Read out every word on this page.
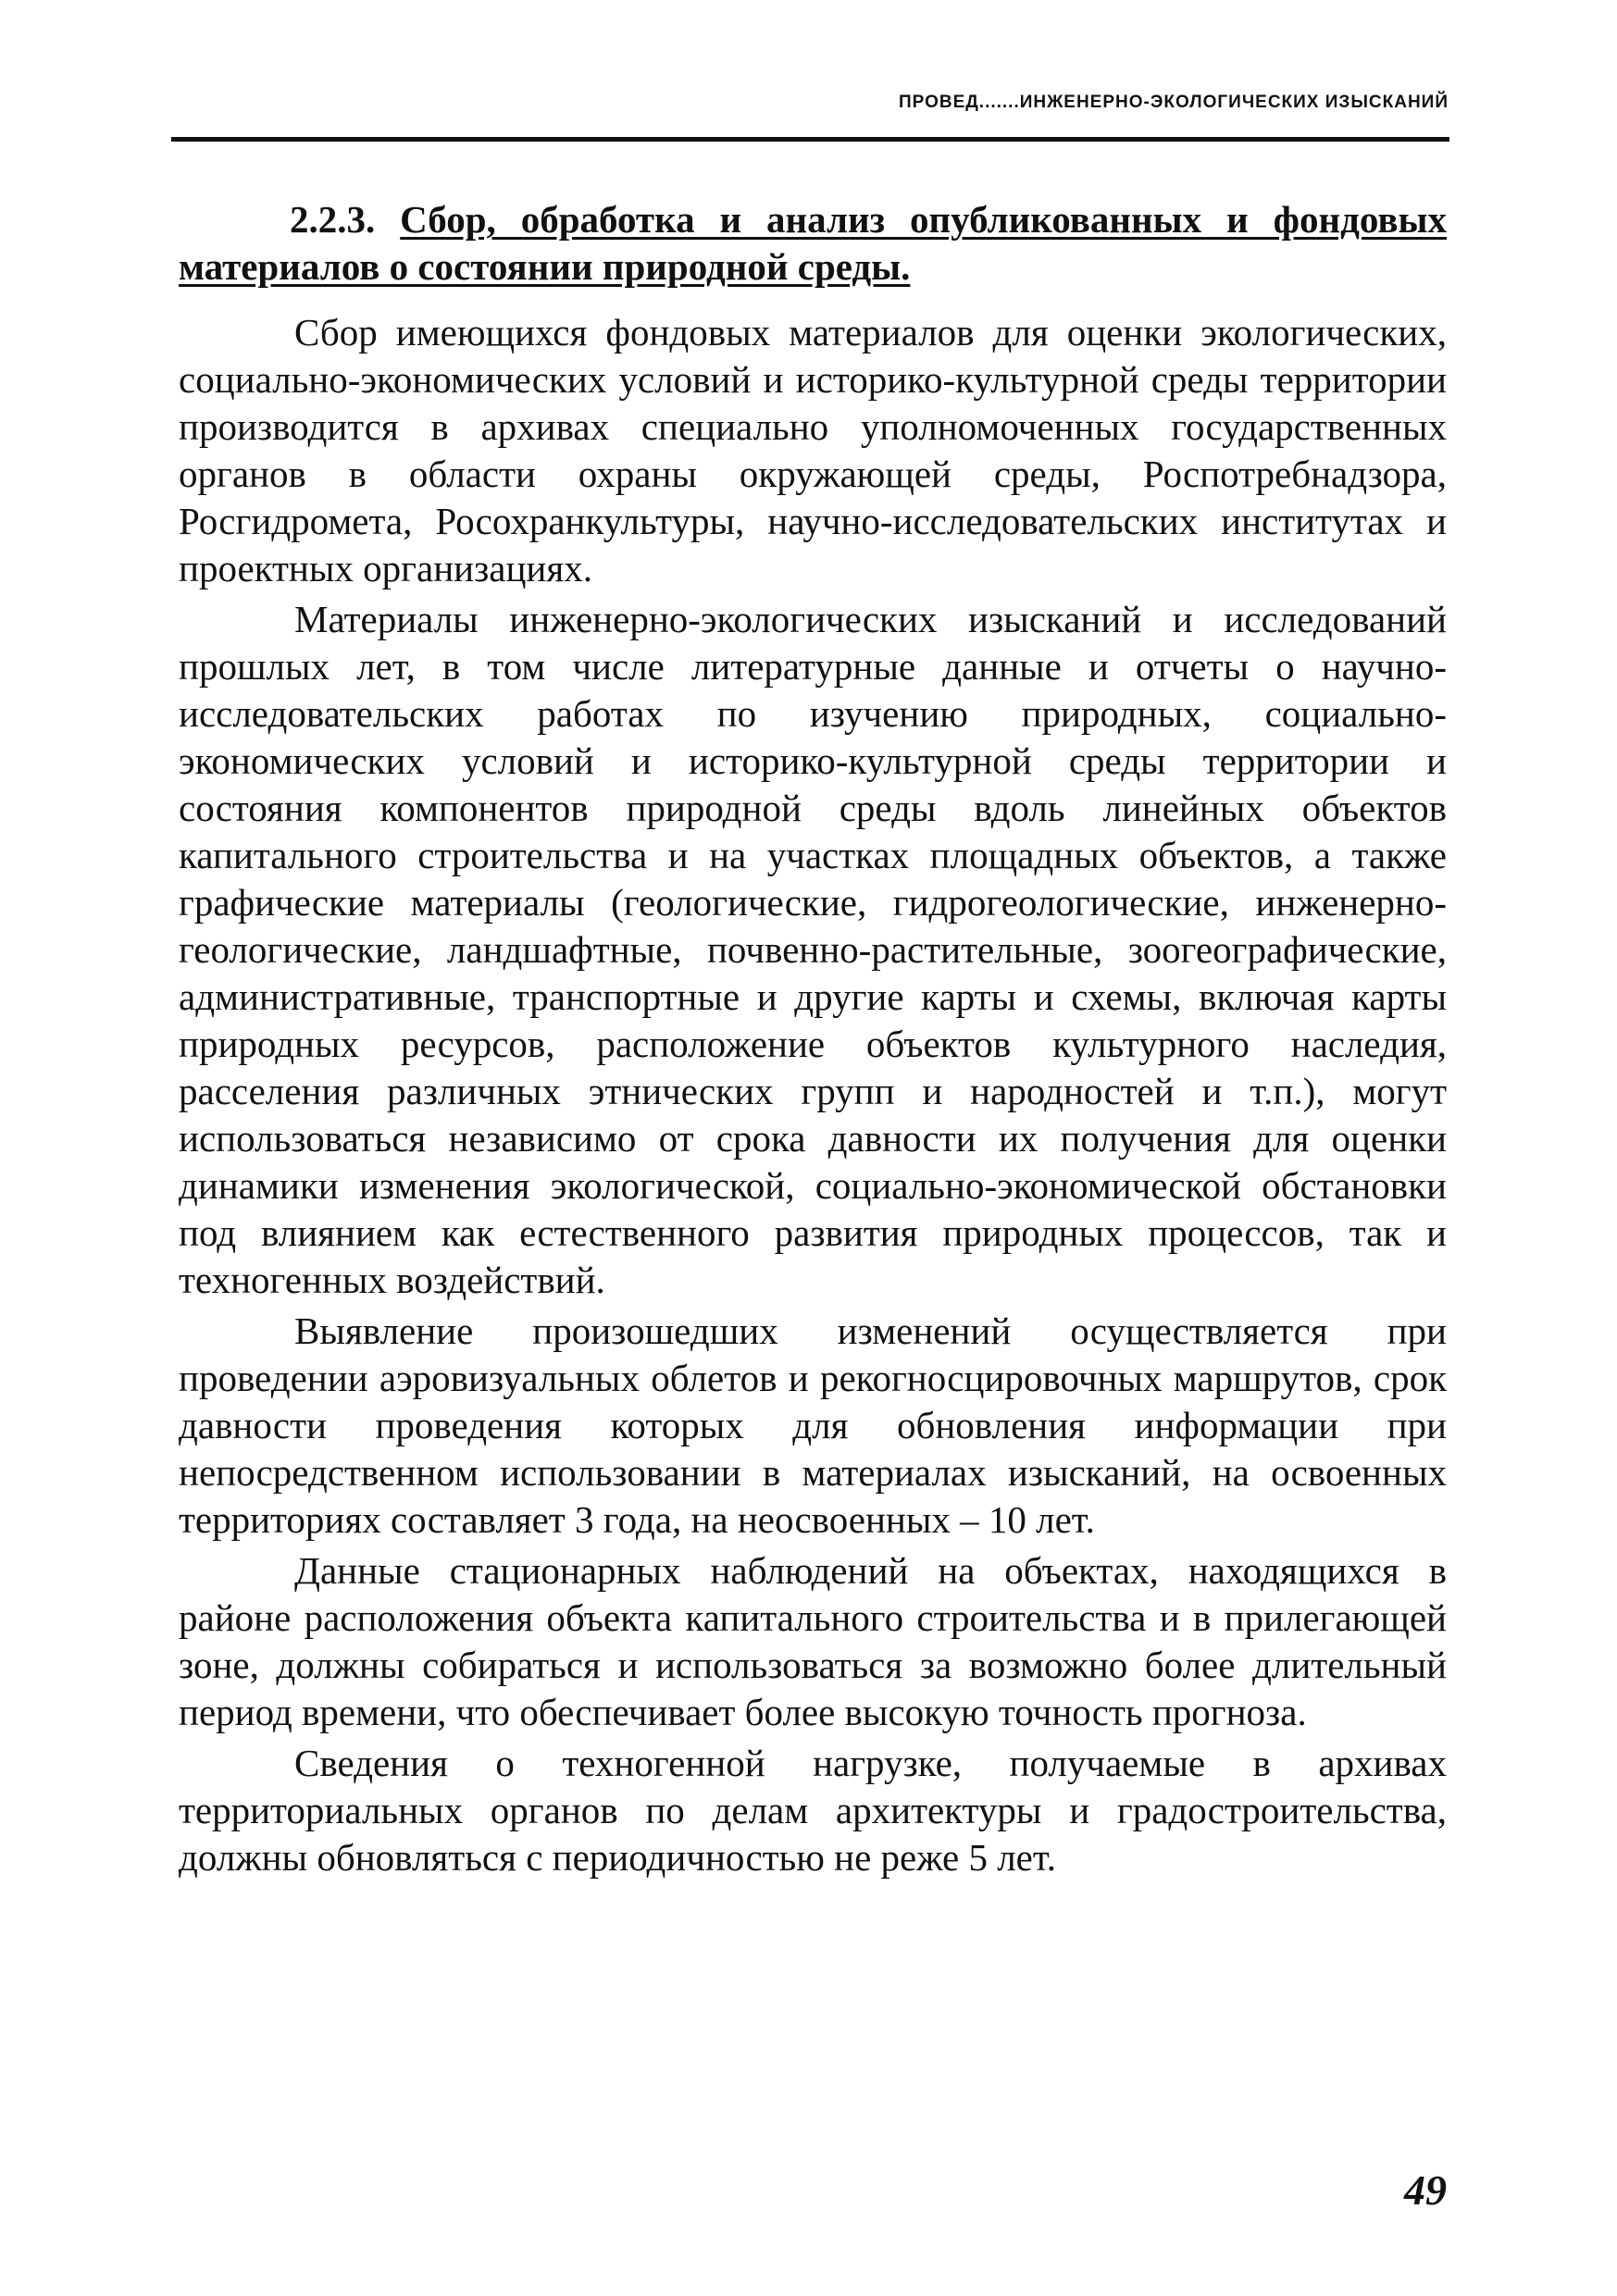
ПРОВЕД.......ИНЖЕНЕРНО-ЭКОЛОГИЧЕСКИХ ИЗЫСКАНИЙ

2.2.3. Сбор, обработка и анализ опубликованных и фондовых материалов о состоянии природной среды.

Сбор имеющихся фондовых материалов для оценки экологических, социально-экономических условий и историко-культурной среды территории производится в архивах специально уполномоченных государственных органов в области охраны окружающей среды, Роспотребнадзора, Росгидромета, Росохранкультуры, научно-исследовательских институтах и проектных организациях.

Материалы инженерно-экологических изысканий и исследований прошлых лет, в том числе литературные данные и отчеты о научно-исследовательских работах по изучению природных, социально-экономических условий и историко-культурной среды территории и состояния компонентов природной среды вдоль линейных объектов капитального строительства и на участках площадных объектов, а также графические материалы (геологические, гидрогеологические, инженерно-геологические, ландшафтные, почвенно-растительные, зоогеографические, административные, транспортные и другие карты и схемы, включая карты природных ресурсов, расположение объектов культурного наследия, расселения различных этнических групп и народностей и т.п.), могут использоваться независимо от срока давности их получения для оценки динамики изменения экологической, социально-экономической обстановки под влиянием как естественного развития природных процессов, так и техногенных воздействий.

Выявление произошедших изменений осуществляется при проведении аэровизуальных облетов и рекогносцировочных маршрутов, срок давности проведения которых для обновления информации при непосредственном использовании в материалах изысканий, на освоенных территориях составляет 3 года, на неосвоенных – 10 лет.

Данные стационарных наблюдений на объектах, находящихся в районе расположения объекта капитального строительства и в прилегающей зоне, должны собираться и использоваться за возможно более длительный период времени, что обеспечивает более высокую точность прогноза.

Сведения о техногенной нагрузке, получаемые в архивах территориальных органов по делам архитектуры и градостроительства, должны обновляться с периодичностью не реже 5 лет.

49
